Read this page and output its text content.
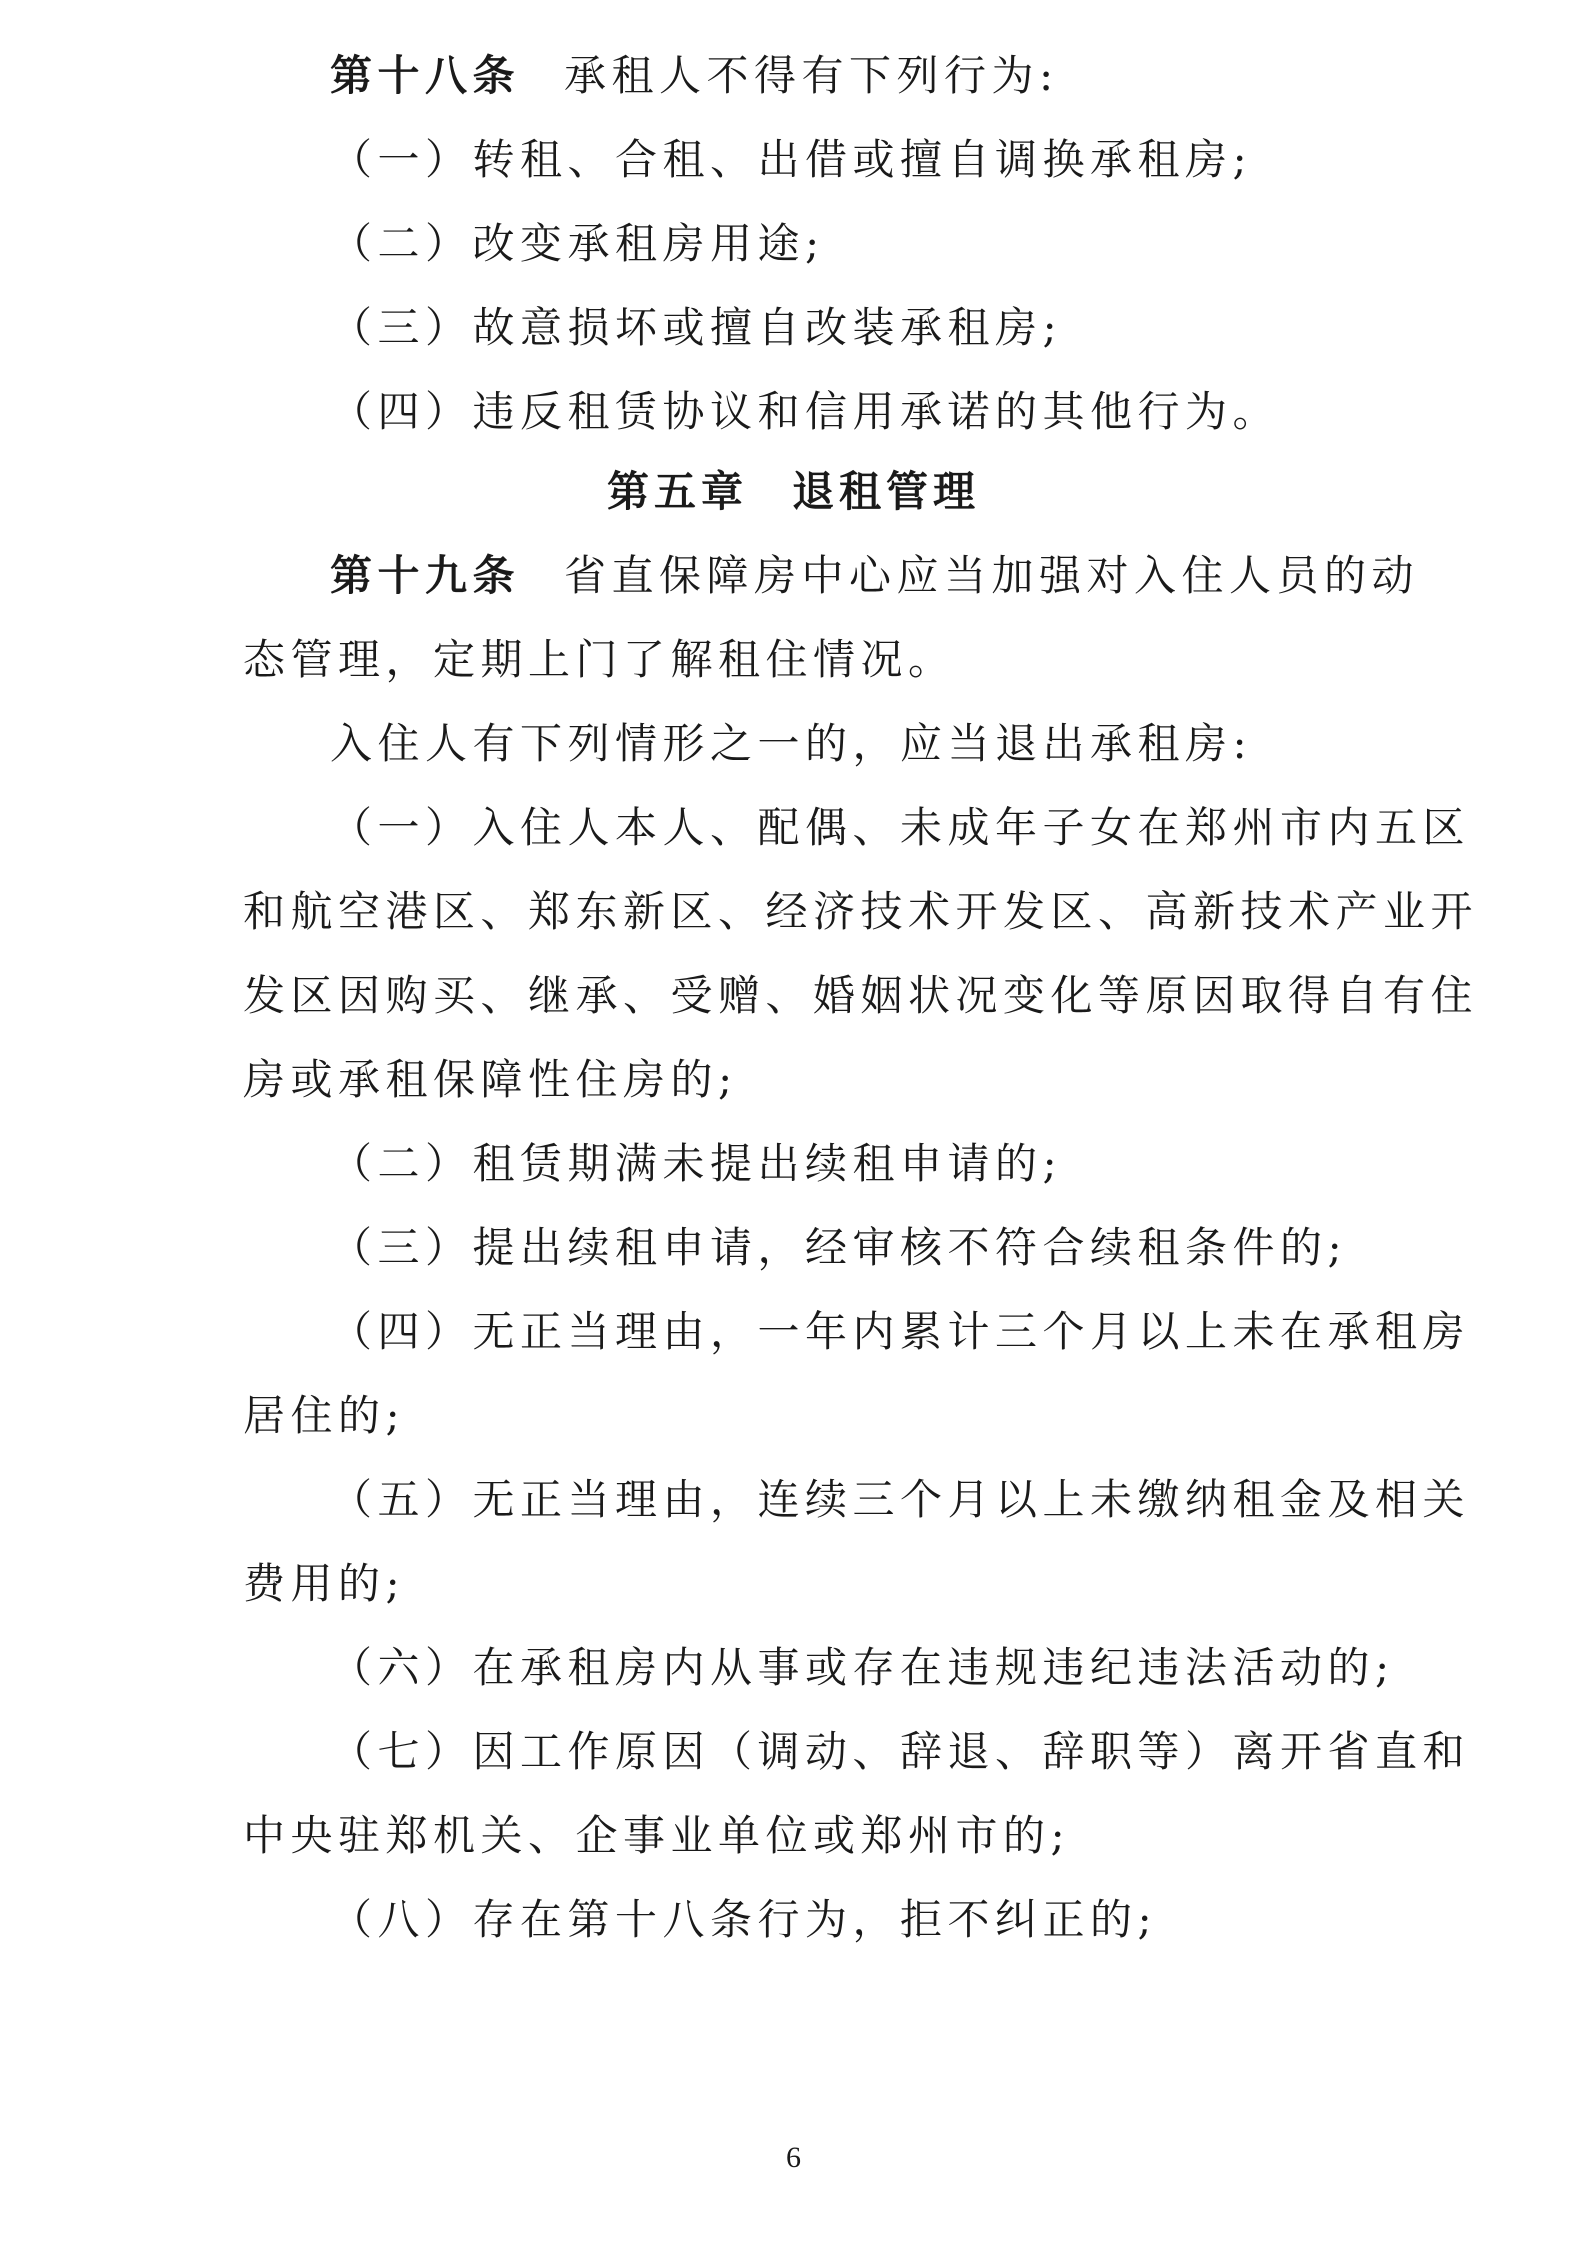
第十八条 承租人不得有下列行为:
（一）转租、合租、出借或擅自调换承租房;
（二）改变承租房用途;
（三）故意损坏或擅自改装承租房;
（四）违反租赁协议和信用承诺的其他行为。
第五章 退租管理
第十九条 省直保障房中心应当加强对入住人员的动
态管理，定期上门了解租住情况。
入住人有下列情形之一的，应当退出承租房:
（一）入住人本人、配偶、未成年子女在郑州市内五区
和航空港区、郑东新区、经济技术开发区、高新技术产业开
发区因购买、继承、受赠、婚姻状况变化等原因取得自有住
房或承租保障性住房的;
（二）租赁期满未提出续租申请的;
（三）提出续租申请，经审核不符合续租条件的;
（四）无正当理由，一年内累计三个月以上未在承租房
居住的;
（五）无正当理由，连续三个月以上未缴纳租金及相关
费用的;
（六）在承租房内从事或存在违规违纪违法活动的;
（七）因工作原因（调动、辞退、辞职等）离开省直和
中央驻郑机关、企事业单位或郑州市的;
（八）存在第十八条行为，拒不纠正的;
6
